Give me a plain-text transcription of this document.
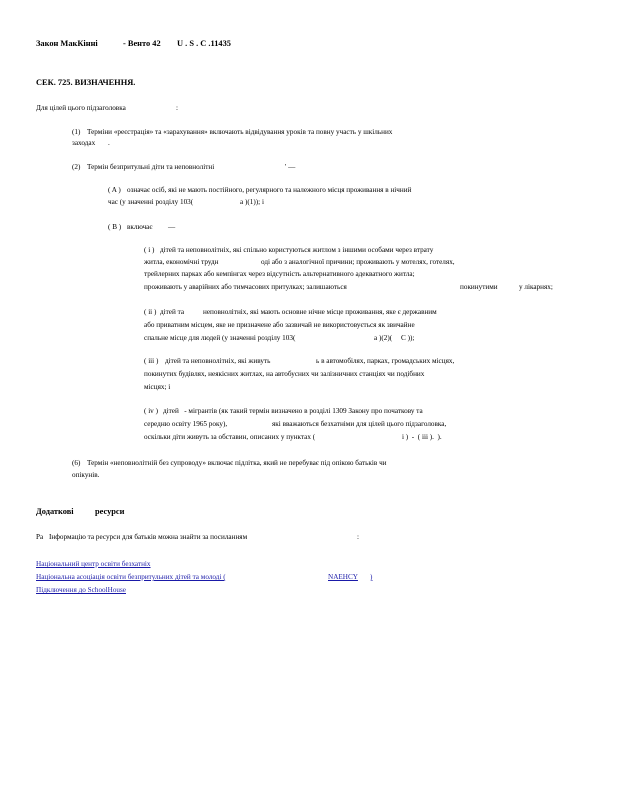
Закон МакКінні	- Венто 42 U . S . C .11435
СЕК. 725. ВИЗНАЧЕННЯ.
Для цілей цього підзаголовка	:
(1) Терміни «реєстрація» та «зарахування» включають відвідування уроків та повну участь у шкільних
заходах .
(2) Термін безпритульні діти та неповнолітні	' —
( A ) означає осіб, які не мають постійного, регулярного та належного місця проживання в нічний
час (у значенні розділу 103(	а )(1)); і
( B ) включає —
( i ) дітей та неповнолітніх, які спільно користуються житлом з іншими особами через втрату
житла, економічні трудн	оді або з аналогічної причини; проживають у мотелях, готелях,
трейлерних парках або кемпінгах через відсутність альтернативного адекватного житла;
проживають у аварійних або тимчасових притулках; залишаються	покинутими	у лікарнях;
( ii ) дітей та	неповнолітніх, які мають основне нічне місце проживання, яке є державним
або приватним місцем, яке не призначене або зазвичай не використовується як звичайне
спальне місце для людей (у значенні розділу 103(	а )(2)( C ));
( iii ) дітей та неповнолітніх, які живуть	ь в автомобілях, парках, громадських місцях,
покинутих будівлях, неякісних житлах, на автобусних чи залізничних станціях чи подібних
місцях; і
( iv ) дітей   - мігрантів (як такий термін визначено в розділі 1309 Закону про початкову та
середню освіту 1965 року),	які вважаються безхатніми для цілей цього підзаголовка,
оскільки діти живуть за обставин, описаних у пунктах (	i )  -  ( iii ).  ).
(6) Термін «неповнолітній без супроводу» включає підлітка, який не перебуває під опікою батьків чи
опікунів.
Додаткові	ресурси
Ра Інформацію та ресурси для батьків можна знайти за посиланням	:
Національний центр освіти безхатніх
Національна асоціація освіти безпритульних дітей та молоді (	NAEHCY )
Підключення до SchoolHouse
